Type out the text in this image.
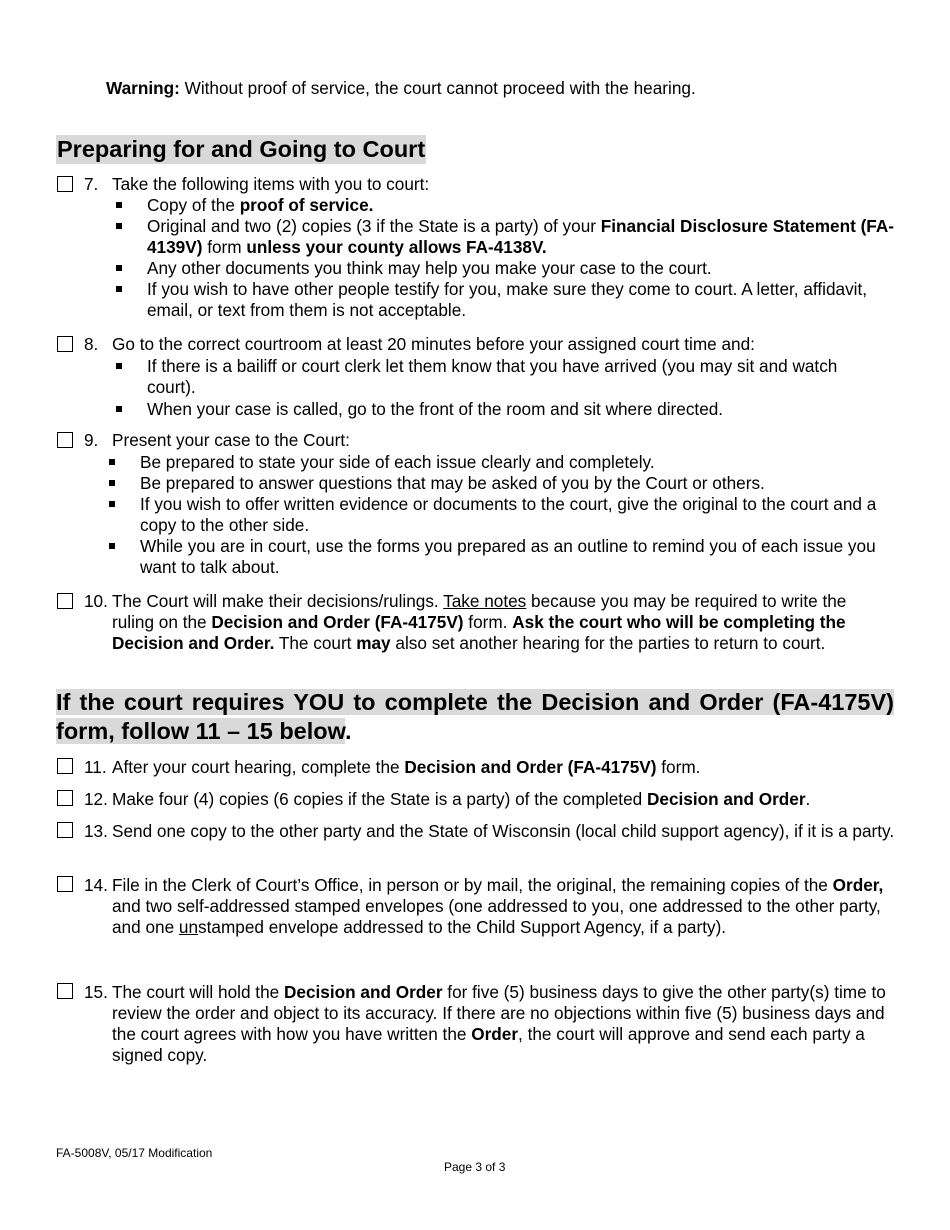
Warning: Without proof of service, the court cannot proceed with the hearing.
Preparing for and Going to Court
7. Take the following items with you to court:
Copy of the proof of service.
Original and two (2) copies (3 if the State is a party) of your Financial Disclosure Statement (FA-4139V) form unless your county allows FA-4138V.
Any other documents you think may help you make your case to the court.
If you wish to have other people testify for you, make sure they come to court. A letter, affidavit, email, or text from them is not acceptable.
8. Go to the correct courtroom at least 20 minutes before your assigned court time and:
If there is a bailiff or court clerk let them know that you have arrived (you may sit and watch court).
When your case is called, go to the front of the room and sit where directed.
9. Present your case to the Court:
Be prepared to state your side of each issue clearly and completely.
Be prepared to answer questions that may be asked of you by the Court or others.
If you wish to offer written evidence or documents to the court, give the original to the court and a copy to the other side.
While you are in court, use the forms you prepared as an outline to remind you of each issue you want to talk about.
10. The Court will make their decisions/rulings. Take notes because you may be required to write the ruling on the Decision and Order (FA-4175V) form. Ask the court who will be completing the Decision and Order. The court may also set another hearing for the parties to return to court.
If the court requires YOU to complete the Decision and Order (FA-4175V) form, follow 11 – 15 below.
11. After your court hearing, complete the Decision and Order (FA-4175V) form.
12. Make four (4) copies (6 copies if the State is a party) of the completed Decision and Order.
13. Send one copy to the other party and the State of Wisconsin (local child support agency), if it is a party.
14. File in the Clerk of Court’s Office, in person or by mail, the original, the remaining copies of the Order, and two self-addressed stamped envelopes (one addressed to you, one addressed to the other party, and one unstamped envelope addressed to the Child Support Agency, if a party).
15. The court will hold the Decision and Order for five (5) business days to give the other party(s) time to review the order and object to its accuracy. If there are no objections within five (5) business days and the court agrees with how you have written the Order, the court will approve and send each party a signed copy.
FA-5008V, 05/17 Modification
Page 3 of 3
